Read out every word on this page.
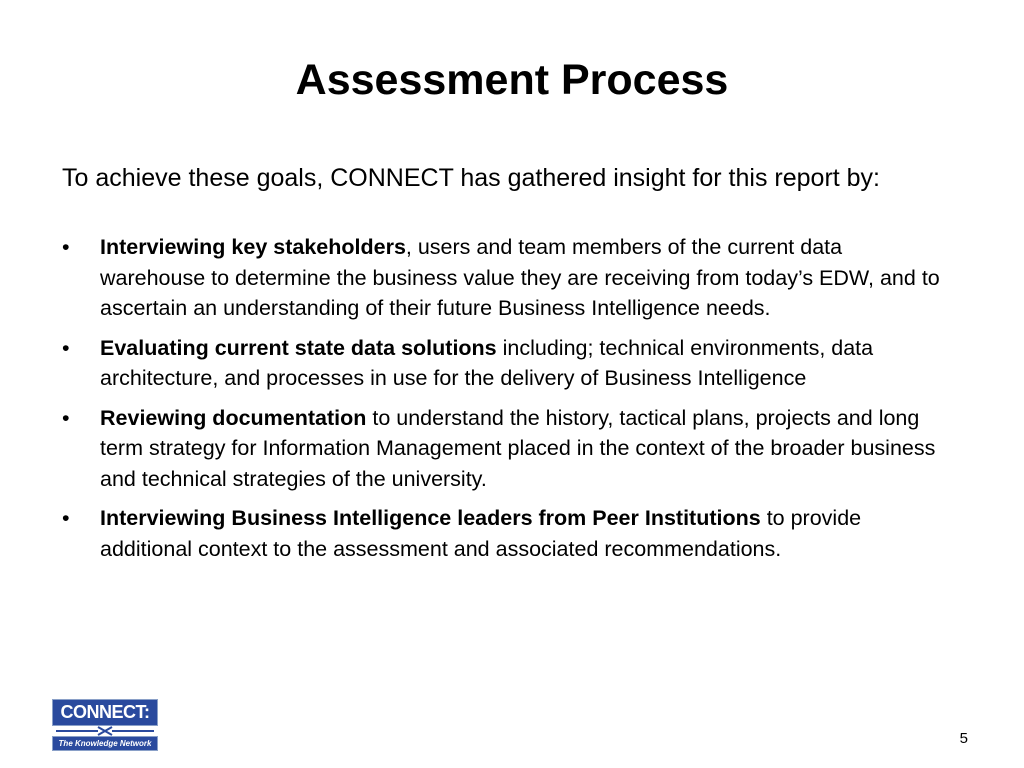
Assessment Process
To achieve these goals, CONNECT has gathered insight for this report by:
• Interviewing key stakeholders, users and team members of the current data warehouse to determine the business value they are receiving from today’s EDW, and to ascertain an understanding of their future Business Intelligence needs.
• Evaluating current state data solutions including; technical environments, data architecture, and processes in use for the delivery of Business Intelligence
• Reviewing documentation to understand the history, tactical plans, projects and long term strategy for Information Management placed in the context of the broader business and technical strategies of the university.
• Interviewing Business Intelligence leaders from Peer Institutions to provide additional context to the assessment and associated recommendations.
CONNECT:
The Knowledge Network	5
